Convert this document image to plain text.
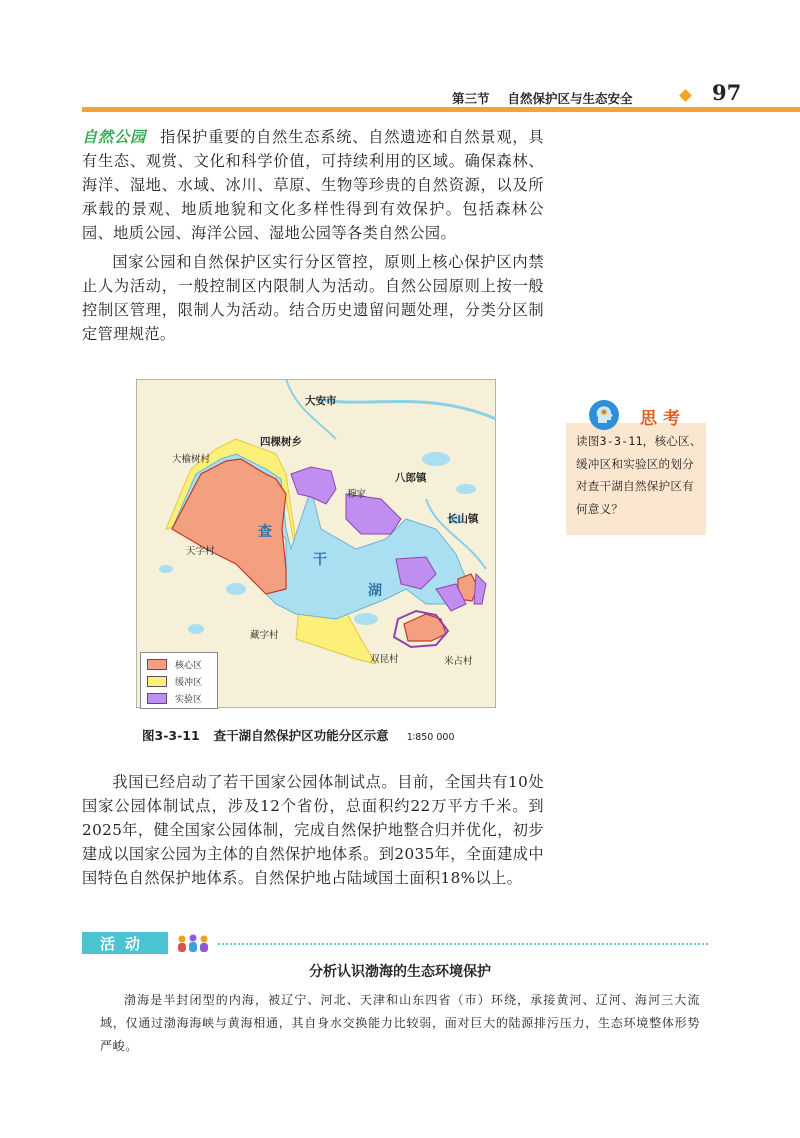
第三节 自然保护区与生态安全	97
自然公园 指保护重要的自然生态系统、自然遗迹和自然景观，具有生态、观赏、文化和科学价值，可持续利用的区域。确保森林、海洋、湿地、水域、冰川、草原、生物等珍贵的自然资源，以及所承载的景观、地质地貌和文化多样性得到有效保护。包括森林公园、地质公园、海洋公园、湿地公园等各类自然公园。
国家公园和自然保护区实行分区管控，原则上核心保护区内禁止人为活动，一般控制区内限制人为活动。自然公园原则上按一般控制区管理，限制人为活动。结合历史遗留问题处理，分类分区制定管理规范。
大安市
四棵树乡
大榆树村
八郎镇
穆家
长山镇
天字村
藏字村
双昆村	米占村
查
干
湖
核心区
缓冲区
实验区
图3-3-11 查干湖自然保护区功能分区示意 1∶850 000
思考
读图3-3-11，核心区、缓冲区和实验区的划分对查干湖自然保护区有何意义？
我国已经启动了若干国家公园体制试点。目前，全国共有10处国家公园体制试点，涉及12个省份，总面积约22万平方千米。到2025年，健全国家公园体制，完成自然保护地整合归并优化，初步建成以国家公园为主体的自然保护地体系。到2035年，全面建成中国特色自然保护地体系。自然保护地占陆域国土面积18%以上。
活动
分析认识渤海的生态环境保护
渤海是半封闭型的内海，被辽宁、河北、天津和山东四省（市）环绕，承接黄河、辽河、海河三大流域，仅通过渤海海峡与黄海相通，其自身水交换能力比较弱，面对巨大的陆源排污压力，生态环境整体形势严峻。
